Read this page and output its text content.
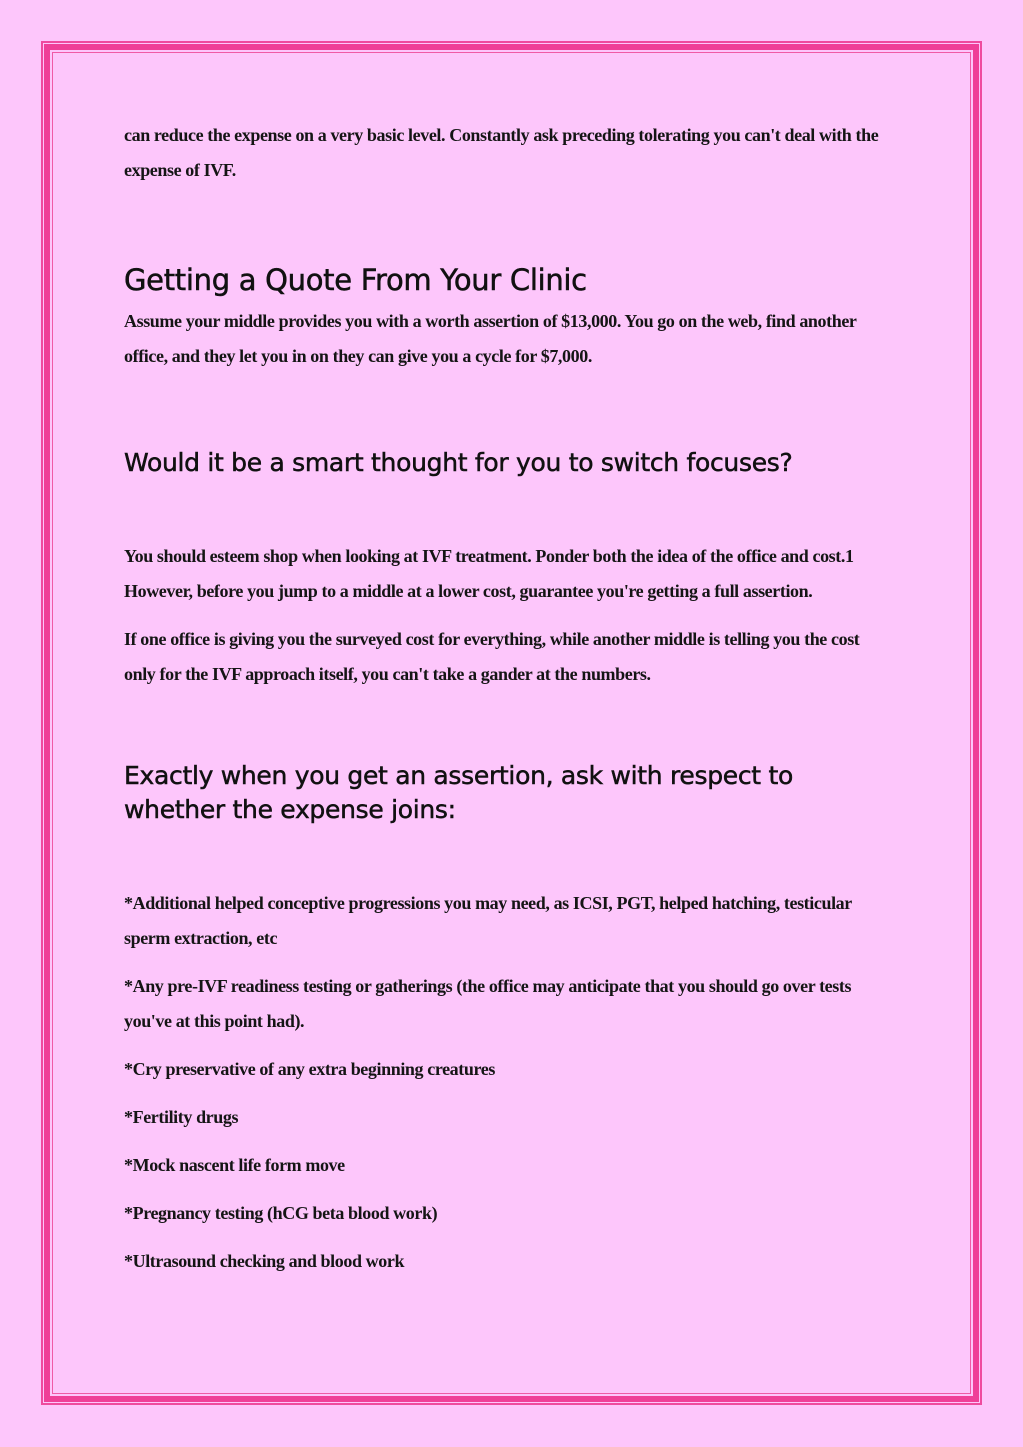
can reduce the expense on a very basic level. Constantly ask preceding tolerating you can't deal with the expense of IVF.

Getting a Quote From Your Clinic

Assume your middle provides you with a worth assertion of $13,000. You go on the web, find another office, and they let you in on they can give you a cycle for $7,000.

Would it be a smart thought for you to switch focuses?

You should esteem shop when looking at IVF treatment. Ponder both the idea of the office and cost.1 However, before you jump to a middle at a lower cost, guarantee you're getting a full assertion.

If one office is giving you the surveyed cost for everything, while another middle is telling you the cost only for the IVF approach itself, you can't take a gander at the numbers.

Exactly when you get an assertion, ask with respect to whether the expense joins:

*Additional helped conceptive progressions you may need, as ICSI, PGT, helped hatching, testicular sperm extraction, etc

*Any pre-IVF readiness testing or gatherings (the office may anticipate that you should go over tests you've at this point had).

*Cry preservative of any extra beginning creatures

*Fertility drugs

*Mock nascent life form move

*Pregnancy testing (hCG beta blood work)

*Ultrasound checking and blood work
